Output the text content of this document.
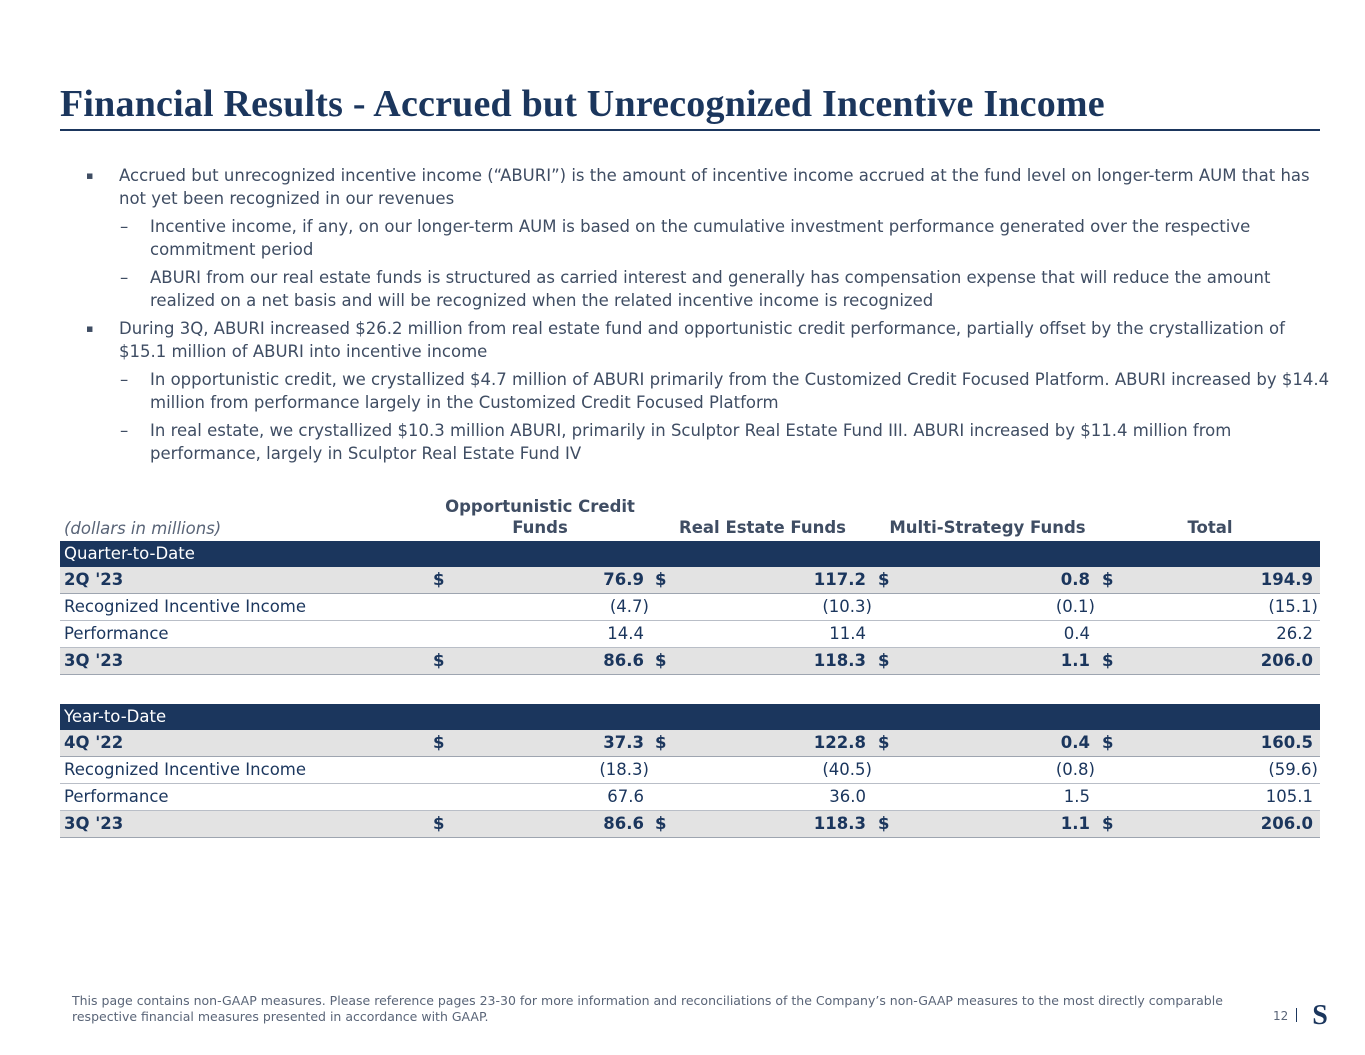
Financial Results - Accrued but Unrecognized Incentive Income
▪ Accrued but unrecognized incentive income (“ABURI”) is the amount of incentive income accrued at the fund level on longer-term AUM that has not yet been recognized in our revenues
– Incentive income, if any, on our longer-term AUM is based on the cumulative investment performance generated over the respective commitment period
– ABURI from our real estate funds is structured as carried interest and generally has compensation expense that will reduce the amount realized on a net basis and will be recognized when the related incentive income is recognized
▪ During 3Q, ABURI increased $26.2 million from real estate fund and opportunistic credit performance, partially offset by the crystallization of $15.1 million of ABURI into incentive income
– In opportunistic credit, we crystallized $4.7 million of ABURI primarily from the Customized Credit Focused Platform. ABURI increased by $14.4 million from performance largely in the Customized Credit Focused Platform
– In real estate, we crystallized $10.3 million ABURI, primarily in Sculptor Real Estate Fund III. ABURI increased by $11.4 million from performance, largely in Sculptor Real Estate Fund IV
(dollars in millions)
Opportunistic Credit Funds	Real Estate Funds	Multi-Strategy Funds	Total
Quarter-to-Date
2Q '23	$	76.9 $	117.2 $	0.8 $	194.9
Recognized Incentive Income	(4.7)	(10.3)	(0.1)	(15.1)
Performance	14.4	11.4	0.4	26.2
3Q '23	$	86.6 $	118.3 $	1.1 $	206.0
Year-to-Date
4Q '22	$	37.3 $	122.8 $	0.4 $	160.5
Recognized Incentive Income	(18.3)	(40.5)	(0.8)	(59.6)
Performance	67.6	36.0	1.5	105.1
3Q '23	$	86.6 $	118.3 $	1.1 $	206.0
This page contains non-GAAP measures. Please reference pages 23-30 for more information and reconciliations of the Company’s non-GAAP measures to the most directly comparable respective financial measures presented in accordance with GAAP.	12 S
